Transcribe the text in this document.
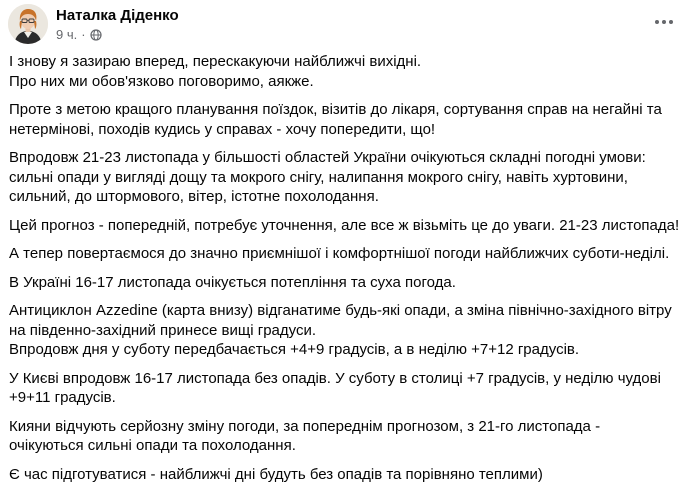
Наталка Діденко
9 ч. ·

І знову я зазираю вперед, перескакуючи найближчі вихідні.
Про них ми обов'язково поговоримо, аякже.

Проте з метою кращого планування поїздок, візитів до лікаря, сортування справ на негайні та
нетермінові, походів кудись у справах - хочу попередити, що!

Впродовж 21-23 листопада у більшості областей України очікуються складні погодні умови:
сильні опади у вигляді дощу та мокрого снігу, налипання мокрого снігу, навіть хуртовини,
сильний, до штормового, вітер, істотне похолодання.

Цей прогноз - попередній, потребує уточнення, але все ж візьміть це до уваги. 21-23 листопада!

А тепер повертаємося до значно приємнішої і комфортнішої погоди найближчих суботи-неділі.

В Україні 16-17 листопада очікується потепління та суха погода.

Антициклон Azzedine (карта внизу) відганатиме будь-які опади, а зміна північно-західного вітру
на південно-західний принесе вищі градуси.
Впродовж дня у суботу передбачається +4+9 градусів, а в неділю +7+12 градусів.

У Києві впродовж 16-17 листопада без опадів. У суботу в столиці +7 градусів, у неділю чудові
+9+11 градусів.

Кияни відчують серйозну зміну погоди, за попереднім прогнозом, з 21-го листопада -
очікуються сильні опади та похолодання.

Є час підготуватися - найближчі дні будуть без опадів та порівняно теплими)
